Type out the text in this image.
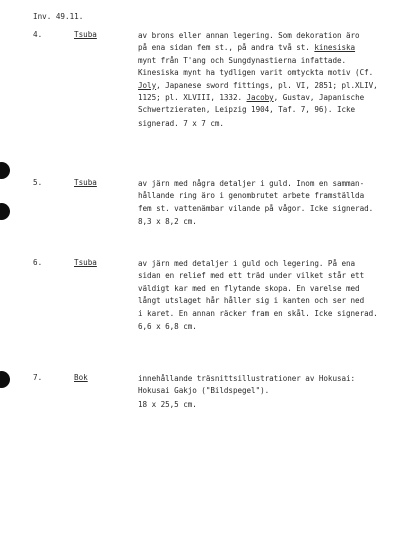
Inv. 49.11.
4.	Tsuba	av brons eller annan legering. Som dekoration äro
på ena sidan fem st., på andra två st. kinesiska
mynt från T'ang och Sungdynastierna infattade.
Kinesiska mynt ha tydligen varit omtyckta motiv (Cf.
Joly, Japanese sword fittings, pl. VI, 2851; pl.XLIV,
1125; pl. XLVIII, 1332. Jacoby, Gustav, Japanische
Schwertzieraten, Leipzig 1904, Taf. 7, 96). Icke
signerad. 7 x 7 cm.
5.	Tsuba	av järn med några detaljer i guld. Inom en samman-
hållande ring äro i genombrutet arbete framställda
fem st. vattenämbar vilande på vågor. Icke signerad.
8,3 x 8,2 cm.
6.	Tsuba	av järn med detaljer i guld och legering. På ena
sidan en relief med ett träd under vilket står ett
väldigt kar med en flytande skopa. En varelse med
långt utslaget hår håller sig i kanten och ser ned
i karet. En annan räcker fram en skål. Icke signerad.
6,6 x 6,8 cm.
7.	Bok	innehållande träsnittsillustrationer av Hokusai:
Hokusai Gakjo ("Bildspegel").
18 x 25,5 cm.
